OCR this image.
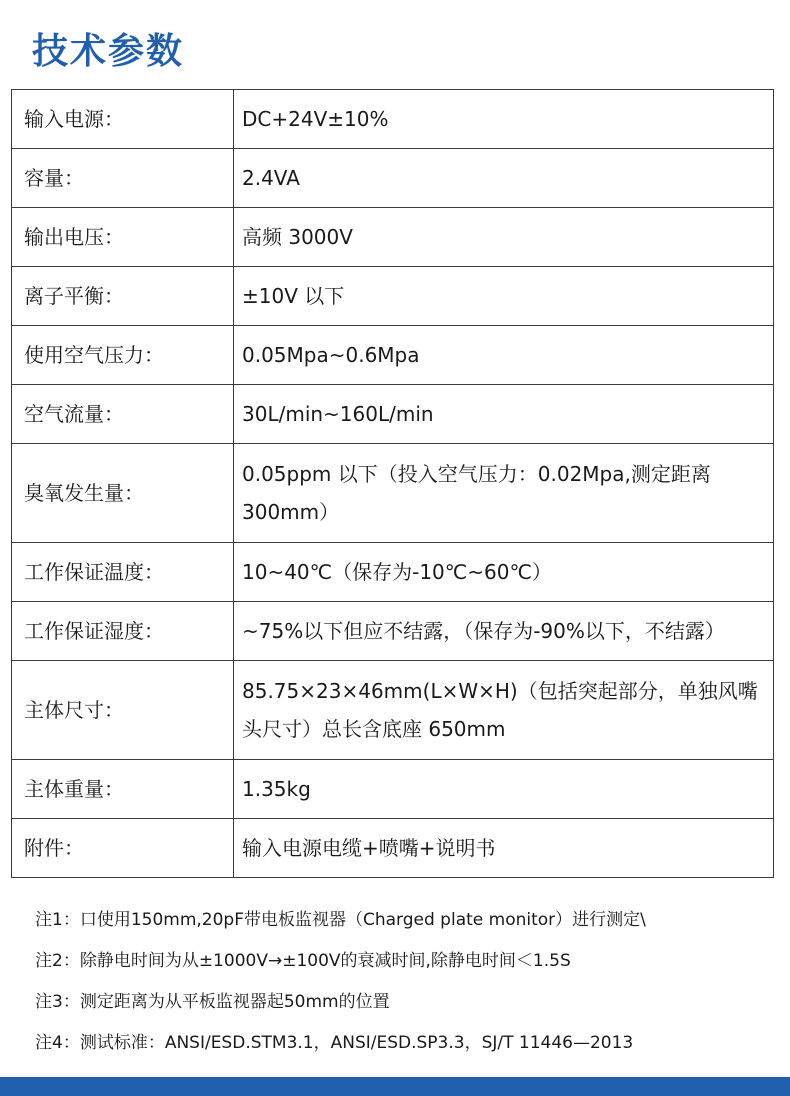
技术参数
输入电源：	DC+24V±10%
容量：	2.4VA
输出电压：	高频 3000V
离子平衡：	±10V 以下
使用空气压力：	0.05Mpa~0.6Mpa
空气流量：	30L/min~160L/min
臭氧发生量：	0.05ppm 以下（投入空气压力：0.02Mpa,测定距离300mm）
工作保证温度：	10~40℃（保存为-10℃~60℃）
工作保证湿度：	~75%以下但应不结露，（保存为-90%以下，不结露）
主体尺寸：	85.75×23×46mm(L×W×H)（包括突起部分，单独风嘴头尺寸）总长含底座 650mm
主体重量：	1.35kg
附件：	输入电源电缆+喷嘴+说明书
注1：口使用150mm,20pF带电板监视器（Charged plate monitor）进行测定\
注2：除静电时间为从±1000V→±100V的衰减时间,除静电时间＜1.5S
注3：测定距离为从平板监视器起50mm的位置
注4：测试标准：ANSI/ESD.STM3.1，ANSI/ESD.SP3.3，SJ/T 11446—2013
